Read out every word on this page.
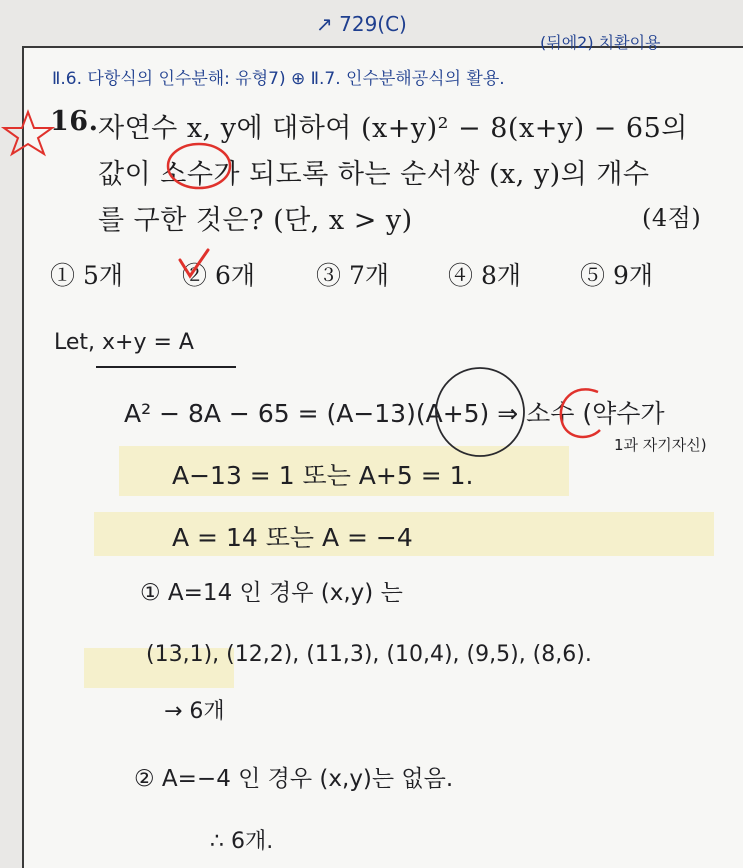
Ⅱ.6. 다항식의 인수분해: 유형7) ⊕ Ⅱ.7. 인수분해공식의 활용.
16. 자연수 x, y에 대하여 (x+y)² − 8(x+y) − 65의
값이 소수가 되도록 하는 순서쌍 (x, y)의 개수
를 구한 것은? (단, x > y)	(4점)
① 5개 ② 6개 ③ 7개 ④ 8개 ⑤ 9개
Let, x+y = A
A² − 8A − 65 = (A−13)(A+5) ⇒ 소수 (약수가
1과 자기자신)
A−13 = 1 또는 A+5 = 1.
A = 14 또는 A = −4
① A=14 인 경우 (x,y) 는
(13,1), (12,2), (11,3), (10,4), (9,5), (8,6).
→ 6개
② A=−4 인 경우 (x,y)는 없음.
∴ 6개.
↗ 729(C)
(뒤에2) 치환이용
